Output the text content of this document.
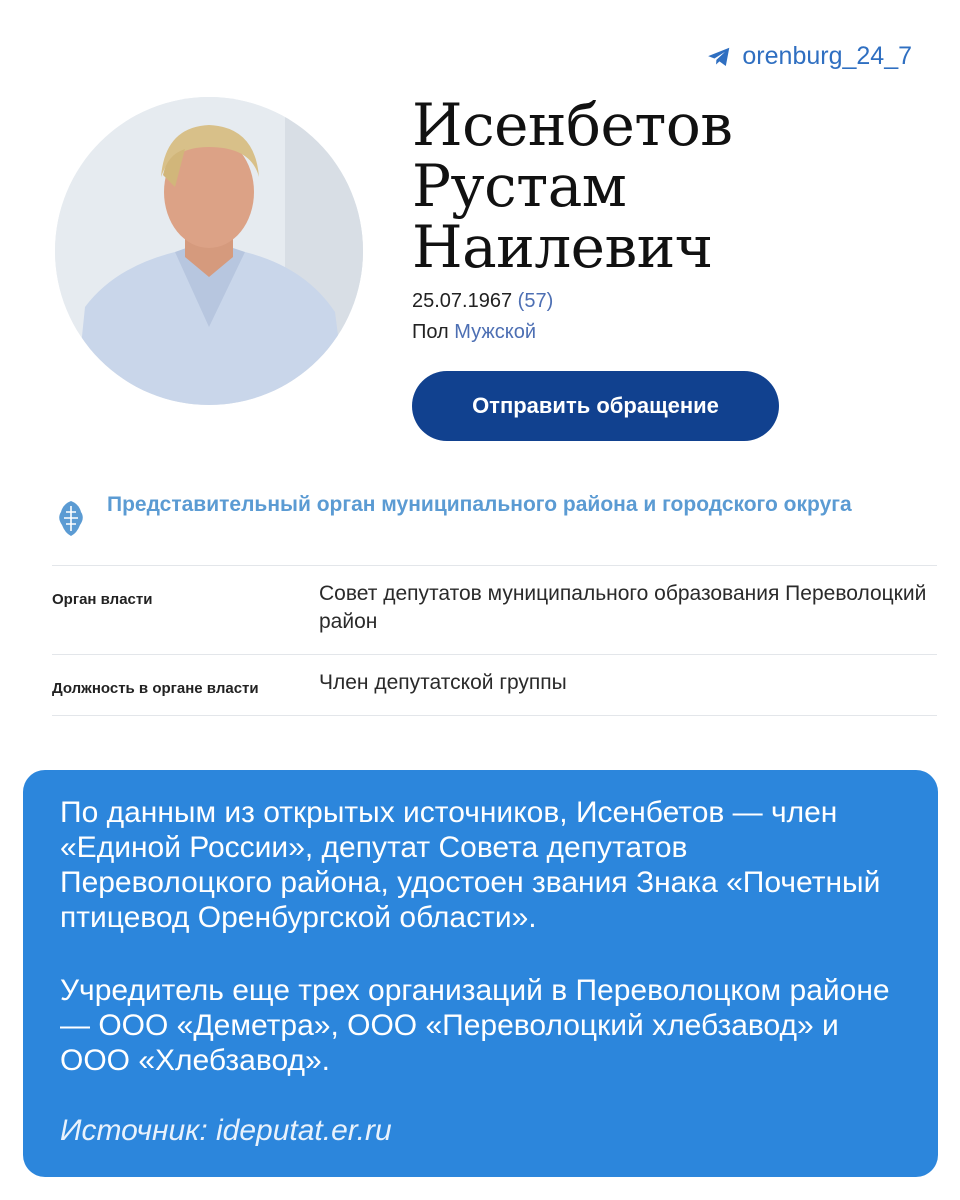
orenburg_24_7
Исенбетов
Рустам
Наилевич
25.07.1967 (57)
Пол Мужской
Отправить обращение
Представительный орган муниципального района и городского округа
Орган власти	Совет депутатов муниципального образования Переволоцкий район
Должность в органе власти	Член депутатской группы

По данным из открытых источников, Исенбетов — член «Единой России», депутат Совета депутатов Переволоцкого района, удостоен звания Знака «Почетный птицевод Оренбургской области».

Учредитель еще трех организаций в Переволоцком районе — ООО «Деметра», ООО «Переволоцкий хлебзавод» и ООО «Хлебзавод».

Источник: ideputat.er.ru
